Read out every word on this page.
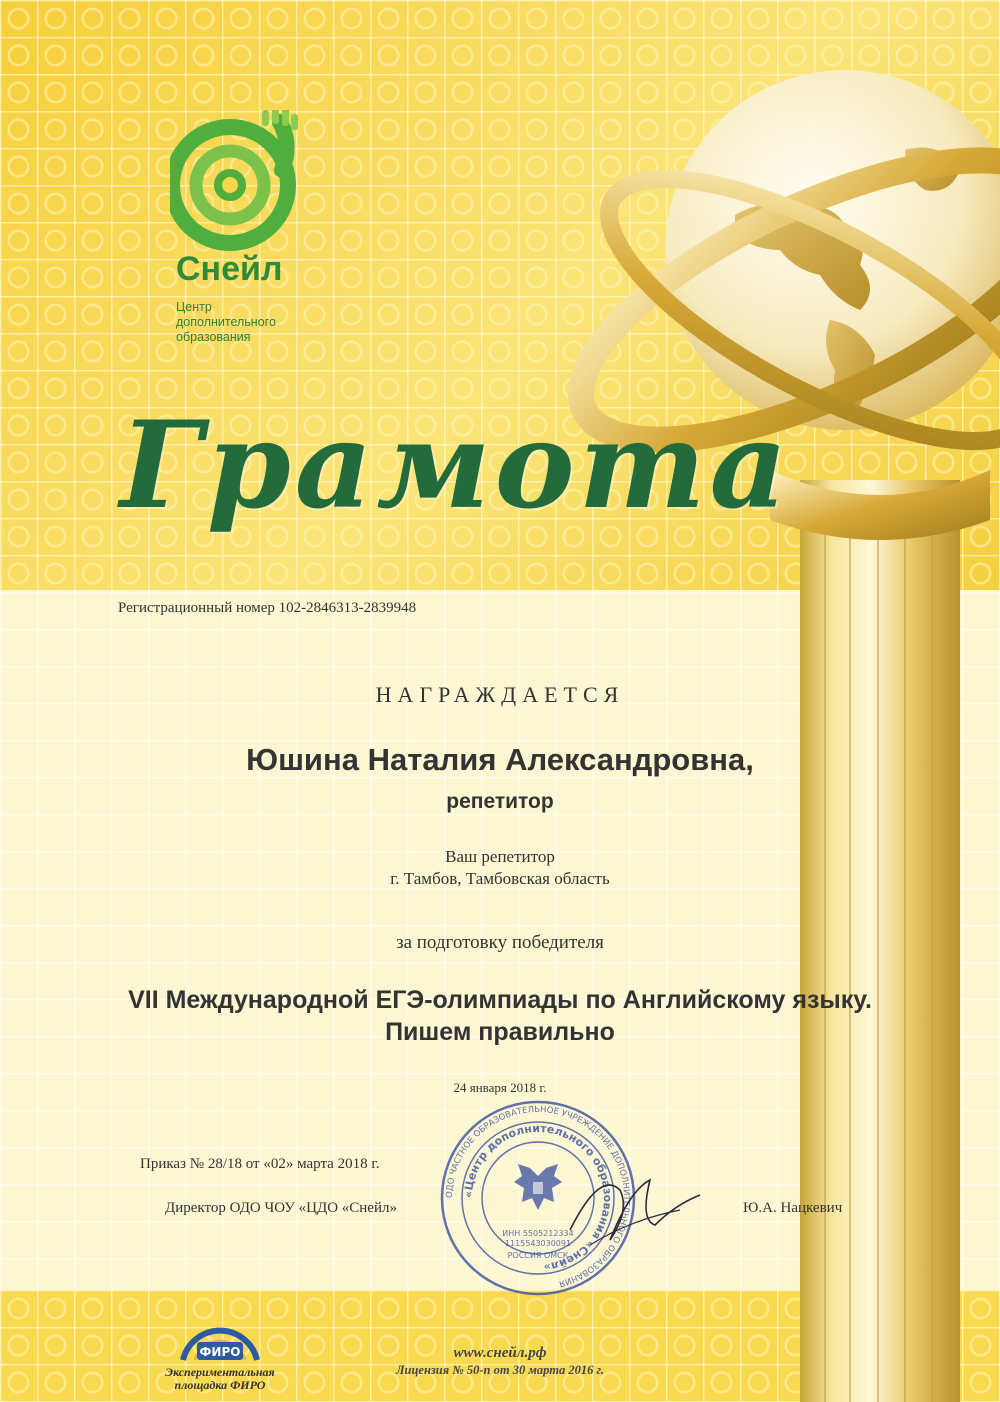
Снейл
Центр
дополнительного
образования
Грамота
Регистрационный номер 102-2846313-2839948
НАГРАЖДАЕТСЯ
Юшина Наталия Александровна,
репетитор
Ваш репетитор
г. Тамбов, Тамбовская область
за подготовку победителя
VII Международной ЕГЭ-олимпиады по Английскому языку.
Пишем правильно
24 января 2018 г.
Приказ № 28/18 от «02» марта 2018 г.
Директор ОДО ЧОУ «ЦДО «Снейл»	Ю.А. Нацкевич
ОДО ЧАСТНОЕ ОБРАЗОВАТЕЛЬНОЕ УЧРЕЖДЕНИЕ ДОПОЛНИТЕЛЬНОГО ОБРАЗОВАНИЯ
«Центр дополнительного образования «Снейл»
ИНН 5505212334
1115543030091
РОССИЯ ОМСК
ФИРО
Экспериментальная
площадка ФИРО
www.снейл.рф
Лицензия № 50-п от 30 марта 2016 г.
